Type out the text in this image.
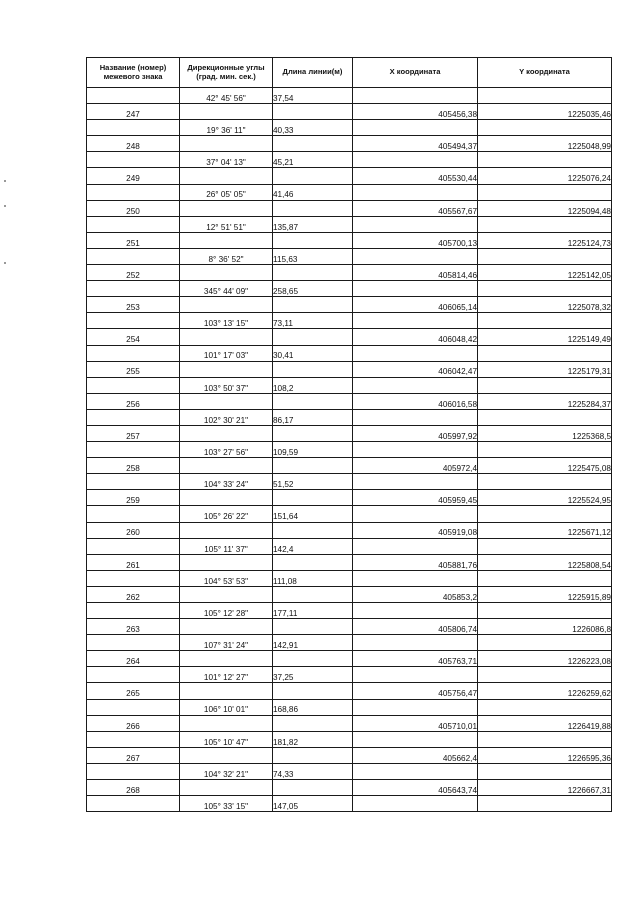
Название (номер) межевого знака	Дирекционные углы (град. мин. сек.)	Длина линии(м)	X координата	Y координата
	42° 45' 56"	37,54		
247			405456,38	1225035,46
	19° 36' 11"	40,33		
248			405494,37	1225048,99
	37° 04' 13"	45,21		
249			405530,44	1225076,24
	26° 05' 05"	41,46		
250			405567,67	1225094,48
	12° 51' 51"	135,87		
251			405700,13	1225124,73
	8° 36' 52"	115,63		
252			405814,46	1225142,05
	345° 44' 09"	258,65		
253			406065,14	1225078,32
	103° 13' 15"	73,11		
254			406048,42	1225149,49
	101° 17' 03"	30,41		
255			406042,47	1225179,31
	103° 50' 37"	108,2		
256			406016,58	1225284,37
	102° 30' 21"	86,17		
257			405997,92	1225368,5
	103° 27' 56"	109,59		
258			405972,4	1225475,08
	104° 33' 24"	51,52		
259			405959,45	1225524,95
	105° 26' 22"	151,64		
260			405919,08	1225671,12
	105° 11' 37"	142,4		
261			405881,76	1225808,54
	104° 53' 53"	111,08		
262			405853,2	1225915,89
	105° 12' 28"	177,11		
263			405806,74	1226086,8
	107° 31' 24"	142,91		
264			405763,71	1226223,08
	101° 12' 27"	37,25		
265			405756,47	1226259,62
	106° 10' 01"	168,86		
266			405710,01	1226419,88
	105° 10' 47"	181,82		
267			405662,4	1226595,36
	104° 32' 21"	74,33		
268			405643,74	1226667,31
	105° 33' 15"	147,05		
